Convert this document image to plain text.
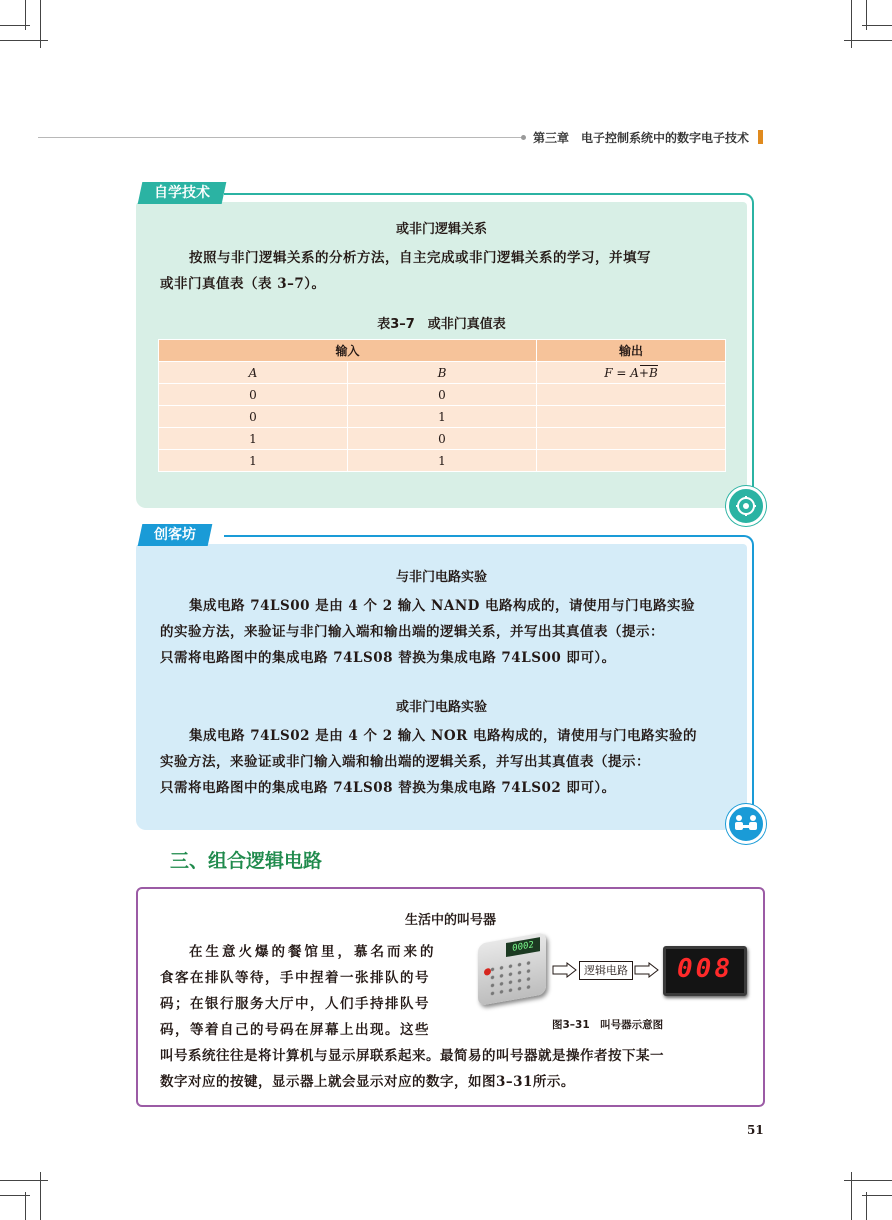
第三章　电子控制系统中的数字电子技术
自学技术
或非门逻辑关系
按照与非门逻辑关系的分析方法，自主完成或非门逻辑关系的学习，并填写
或非门真值表（表 3–7）。
表3–7　或非门真值表
输入		输出
A	B	F = A+B
0	0	
0	1	
1	0	
1	1	
创客坊
与非门电路实验
集成电路 74LS00 是由 4 个 2 输入 NAND 电路构成的，请使用与门电路实验
的实验方法，来验证与非门输入端和输出端的逻辑关系，并写出其真值表（提示：
只需将电路图中的集成电路 74LS08 替换为集成电路 74LS00 即可）。
或非门电路实验
集成电路 74LS02 是由 4 个 2 输入 NOR 电路构成的，请使用与门电路实验的
实验方法，来验证或非门输入端和输出端的逻辑关系，并写出其真值表（提示：
只需将电路图中的集成电路 74LS08 替换为集成电路 74LS02 即可）。
三、组合逻辑电路
生活中的叫号器
在生意火爆的餐馆里，慕名而来的
食客在排队等待，手中捏着一张排队的号
码；在银行服务大厅中，人们手持排队号
码，等着自己的号码在屏幕上出现。这些
叫号系统往往是将计算机与显示屏联系起来。最简易的叫号器就是操作者按下某一
数字对应的按键，显示器上就会显示对应的数字，如图3–31所示。
0002
逻辑电路	008
图3–31　叫号器示意图
51
